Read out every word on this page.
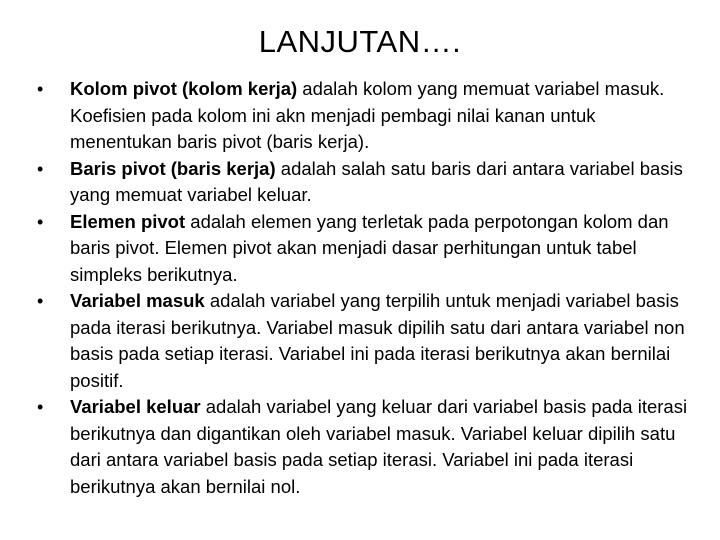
LANJUTAN….
•	Kolom pivot (kolom kerja) adalah kolom yang memuat variabel masuk. Koefisien pada kolom ini akn menjadi pembagi nilai kanan untuk menentukan baris pivot (baris kerja).
•	Baris pivot (baris kerja) adalah salah satu baris dari antara variabel basis yang memuat variabel keluar.
•	Elemen pivot adalah elemen yang terletak pada perpotongan kolom dan baris pivot. Elemen pivot akan menjadi dasar perhitungan untuk tabel simpleks berikutnya.
•	Variabel masuk adalah variabel yang terpilih untuk menjadi variabel basis pada iterasi berikutnya. Variabel masuk dipilih satu dari antara variabel non basis pada setiap iterasi. Variabel ini pada iterasi berikutnya akan bernilai positif.
•	Variabel keluar adalah variabel yang keluar dari variabel basis pada iterasi berikutnya dan digantikan oleh variabel masuk. Variabel keluar dipilih satu dari antara variabel basis pada setiap iterasi. Variabel ini pada iterasi berikutnya akan bernilai nol.
